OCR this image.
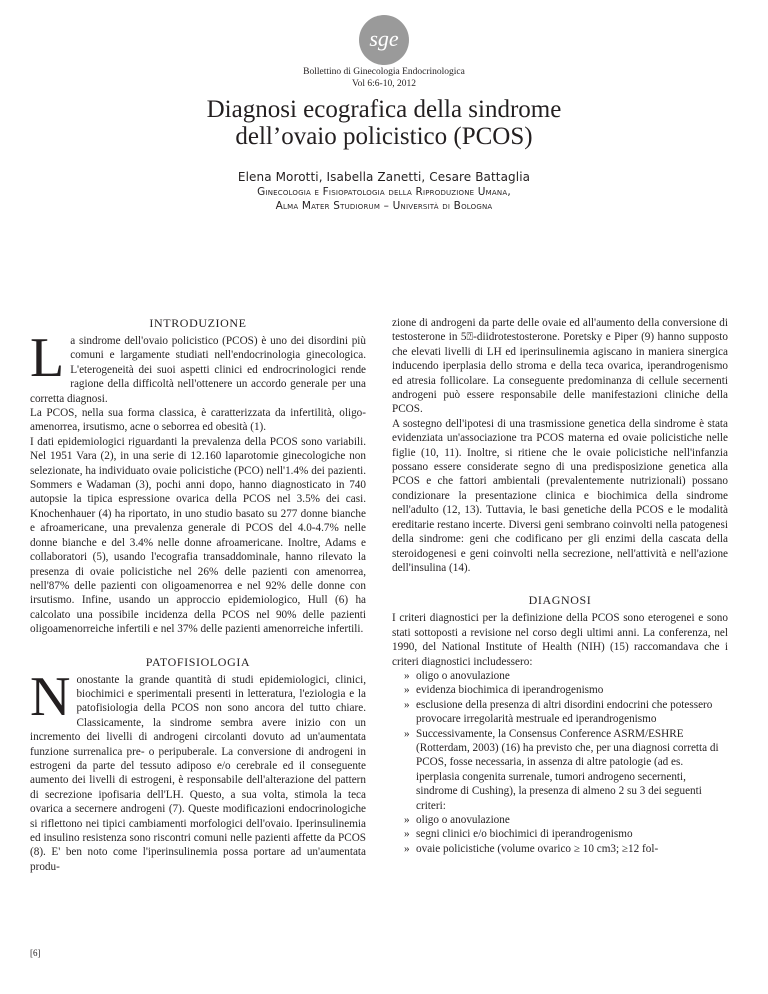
sge
Bollettino di Ginecologia Endocrinologica
Vol 6:6-10, 2012
Diagnosi ecografica della sindrome
dell’ovaio policistico (PCOS)
Elena Morotti, Isabella Zanetti, Cesare Battaglia
Ginecologia e Fisiopatologia della Riproduzione Umana,
Alma Mater Studiorum – Università di Bologna
INTRODUZIONE

La sindrome dell'ovaio policistico (PCOS) è uno dei disordini più comuni e largamente studiati nell'endocrinologia ginecologica. L'eterogeneità dei suoi aspetti clinici ed endrocrinologici rende ragione della difficoltà nell'ottenere un accordo generale per una corretta diagnosi.

La PCOS, nella sua forma classica, è caratterizzata da infertilità, oligo-amenorrea, irsutismo, acne o seborrea ed obesità (1).

I dati epidemiologici riguardanti la prevalenza della PCOS sono variabili. Nel 1951 Vara (2), in una serie di 12.160 laparotomie ginecologiche non selezionate, ha individuato ovaie policistiche (PCO) nell'1.4% dei pazienti. Sommers e Wadaman (3), pochi anni dopo, hanno diagnosticato in 740 autopsie la tipica espressione ovarica della PCOS nel 3.5% dei casi. Knochenhauer (4) ha riportato, in uno studio basato su 277 donne bianche e afroamericane, una prevalenza generale di PCOS del 4.0-4.7% nelle donne bianche e del 3.4% nelle donne afroamericane. Inoltre, Adams e collaboratori (5), usando l'ecografia transaddominale, hanno rilevato la presenza di ovaie policistiche nel 26% delle pazienti con amenorrea, nell'87% delle pazienti con oligoamenorrea e nel 92% delle donne con irsutismo. Infine, usando un approccio epidemiologico, Hull (6) ha calcolato una possibile incidenza della PCOS nel 90% delle pazienti oligoamenorreiche infertili e nel 37% delle pazienti amenorreiche infertili.

PATOFISIOLOGIA

Nonostante la grande quantità di studi epidemiologici, clinici, biochimici e sperimentali presenti in letteratura, l'eziologia e la patofisiologia della PCOS non sono ancora del tutto chiare. Classicamente, la sindrome sembra avere inizio con un incremento dei livelli di androgeni circolanti dovuto ad un'aumentata funzione surrenalica pre- o peripuberale. La conversione di androgeni in estrogeni da parte del tessuto adiposo e/o cerebrale ed il conseguente aumento dei livelli di estrogeni, è responsabile dell'alterazione del pattern di secrezione ipofisaria dell'LH. Questo, a sua volta, stimola la teca ovarica a secernere androgeni (7). Queste modificazioni endocrinologiche si riflettono nei tipici cambiamenti morfologici dell'ovaio. Iperinsulinemia ed insulino resistenza sono riscontri comuni nelle pazienti affette da PCOS (8). E' ben noto come l'iperinsulinemia possa portare ad un'aumentata produ-

zione di androgeni da parte delle ovaie ed all'aumento della conversione di testosterone in 5⍰-diidrotestosterone. Poretsky e Piper (9) hanno supposto che elevati livelli di LH ed iperinsulinemia agiscano in maniera sinergica inducendo iperplasia dello stroma e della teca ovarica, iperandrogenismo ed atresia follicolare. La conseguente predominanza di cellule secernenti androgeni può essere responsabile delle manifestazioni cliniche della PCOS.

A sostegno dell'ipotesi di una trasmissione genetica della sindrome è stata evidenziata un'associazione tra PCOS materna ed ovaie policistiche nelle figlie (10, 11). Inoltre, si ritiene che le ovaie policistiche nell'infanzia possano essere considerate segno di una predisposizione genetica alla PCOS e che fattori ambientali (prevalentemente nutrizionali) possano condizionare la presentazione clinica e biochimica della sindrome nell'adulto (12, 13). Tuttavia, le basi genetiche della PCOS e le modalità ereditarie restano incerte. Diversi geni sembrano coinvolti nella patogenesi della sindrome: geni che codificano per gli enzimi della cascata della steroidogenesi e geni coinvolti nella secrezione, nell'attività e nell'azione dell'insulina (14).

DIAGNOSI

I criteri diagnostici per la definizione della PCOS sono eterogenei e sono stati sottoposti a revisione nel corso degli ultimi anni. La conferenza, nel 1990, del National Institute of Health (NIH) (15) raccomandava che i criteri diagnostici includessero:

» oligo o anovulazione
» evidenza biochimica di iperandrogenismo
» esclusione della presenza di altri disordini endocrini che potessero provocare irregolarità mestruale ed iperandrogenismo
» Successivamente, la Consensus Conference ASRM/ESHRE (Rotterdam, 2003) (16) ha previsto che, per una diagnosi corretta di PCOS, fosse necessaria, in assenza di altre patologie (ad es. iperplasia congenita surrenale, tumori androgeno secernenti, sindrome di Cushing), la presenza di almeno 2 su 3 dei seguenti criteri:
» oligo o anovulazione
» segni clinici e/o biochimici di iperandrogenismo
» ovaie policistiche (volume ovarico ≥ 10 cm3; ≥12 fol-
[6]
